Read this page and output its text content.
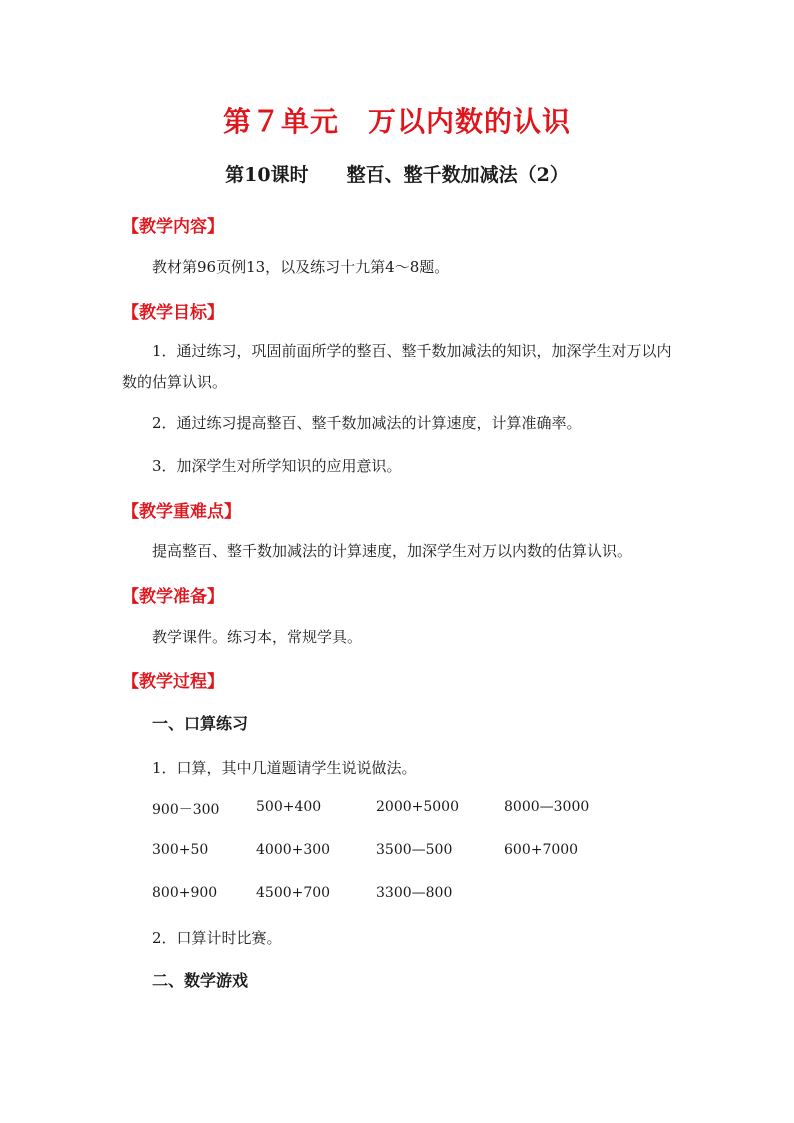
第７单元　万以内数的认识
第10课时　　整百、整千数加减法（2）
【教学内容】
教材第96页例13，以及练习十九第4～8题。
【教学目标】
1．通过练习，巩固前面所学的整百、整千数加减法的知识，加深学生对万以内数的估算认识。
2．通过练习提高整百、整千数加减法的计算速度，计算准确率。
3．加深学生对所学知识的应用意识。
【教学重难点】
提高整百、整千数加减法的计算速度，加深学生对万以内数的估算认识。
【教学准备】
教学课件。练习本，常规学具。
【教学过程】
一、口算练习
1．口算，其中几道题请学生说说做法。
900－300	500+400	2000+5000	8000—3000
300+50	4000+300	3500—500	600+7000
800+900	4500+700	3300—800
2．口算计时比赛。
二、数学游戏
